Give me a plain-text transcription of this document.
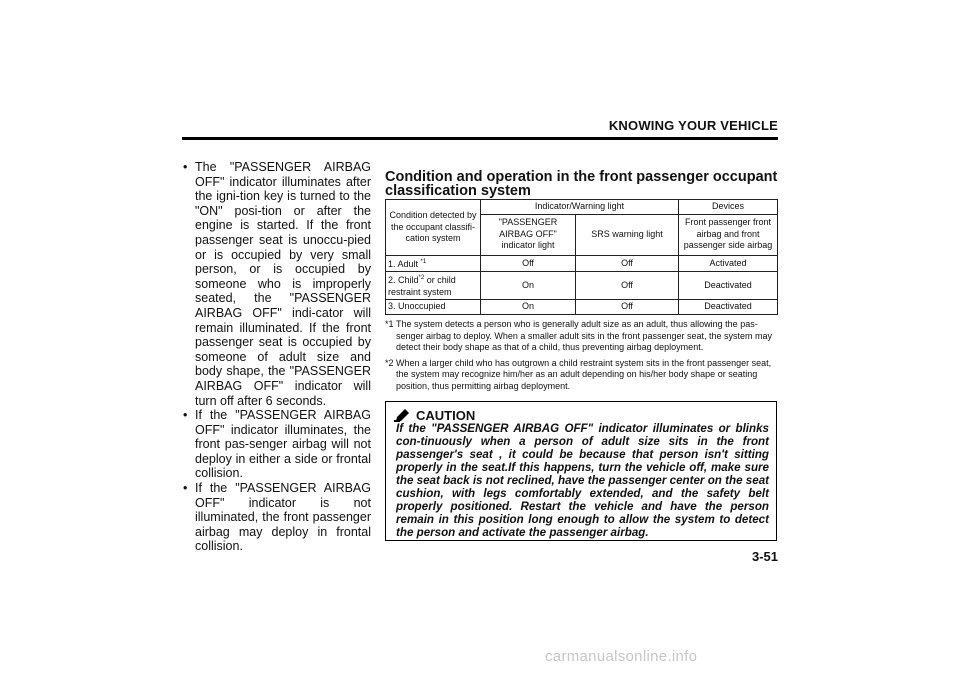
KNOWING YOUR VEHICLE
• The "PASSENGER AIRBAG OFF" indicator illuminates after the igni-tion key is turned to the "ON" posi-tion or after the engine is started. If the front passenger seat is unoccu-pied or is occupied by very small person, or is occupied by someone who is improperly seated, the "PASSENGER AIRBAG OFF" indi-cator will remain illuminated. If the front passenger seat is occupied by someone of adult size and body shape, the "PASSENGER AIRBAG OFF" indicator will turn off after 6 seconds.
• If the "PASSENGER AIRBAG OFF" indicator illuminates, the front pas-senger airbag will not deploy in either a side or frontal collision.
• If the "PASSENGER AIRBAG OFF" indicator is not illuminated, the front passenger airbag may deploy in frontal collision.
Condition and operation in the front passenger occupant classification system
Condition detected by the occupant classifi-cation system	Indicator/Warning light		Devices
	"PASSENGER AIRBAG OFF" indicator light	SRS warning light	Front passenger front airbag and front passenger side airbag
1. Adult $^{*1}$	Off	Off	Activated
2. Child$^{*2}$ or child restraint system	On	Off	Deactivated
3. Unoccupied	On	Off	Deactivated
*1 The system detects a person who is generally adult size as an adult, thus allowing the pas-senger airbag to deploy. When a smaller adult sits in the front passenger seat, the system may detect their body shape as that of a child, thus preventing airbag deployment.
*2 When a larger child who has outgrown a child restraint system sits in the front passenger seat, the system may recognize him/her as an adult depending on his/her body shape or seating position, thus permitting airbag deployment.
CAUTION
If the "PASSENGER AIRBAG OFF" indicator illuminates or blinks con-tinuously when a person of adult size sits in the front passenger's seat , it could be because that person isn't sitting properly in the seat.If this happens, turn the vehicle off, make sure the seat back is not reclined, have the passenger center on the seat cushion, with legs comfortably extended, and the safety belt properly positioned. Restart the vehicle and have the person remain in this position long enough to allow the system to detect the person and activate the passenger airbag.
3-51
carmanualsonline.info
